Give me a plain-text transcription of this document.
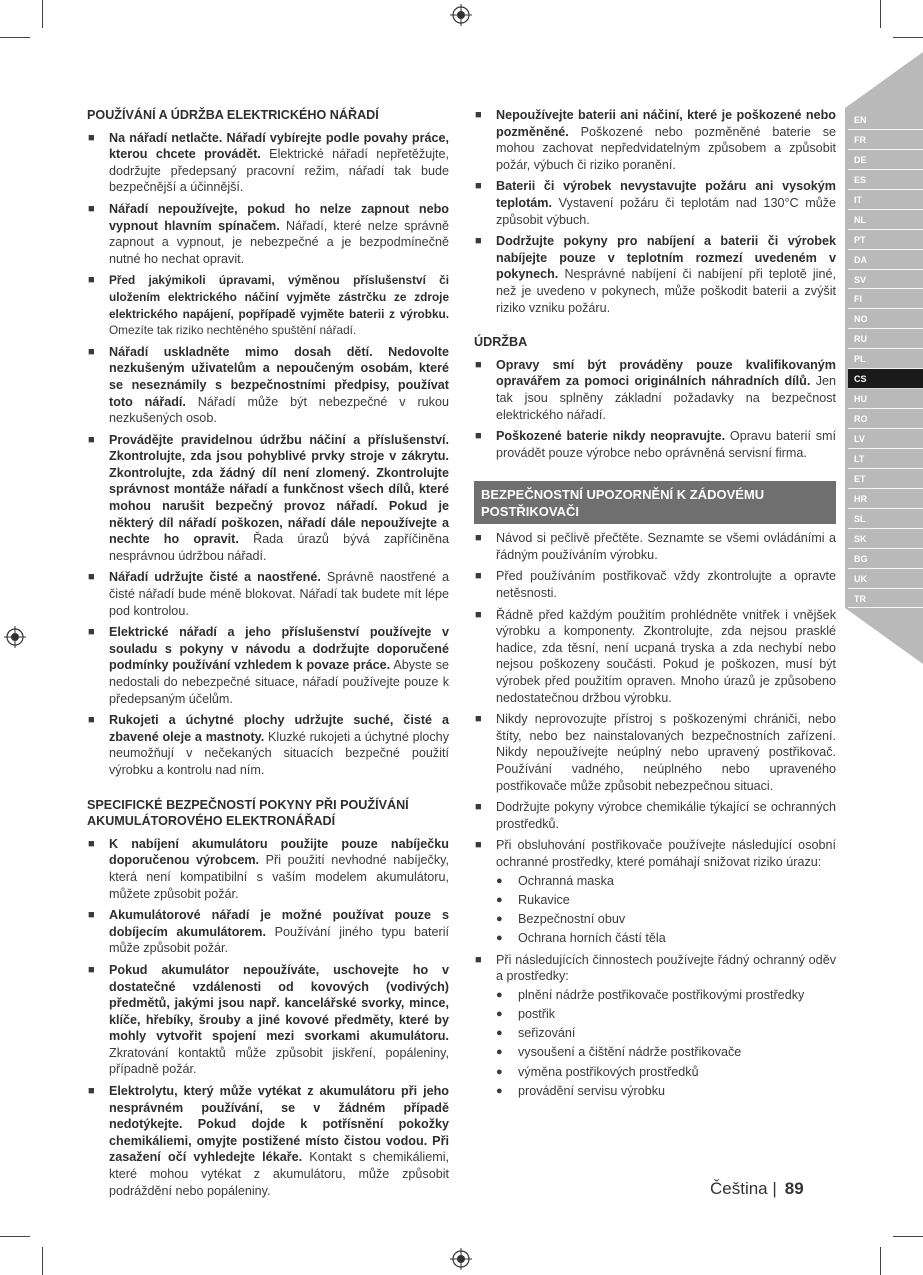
EN
FR
DE
ES
IT
NL
PT
DA
SV
FI
NO
RU
PL
CS
HU
RO
LV
LT
ET
HR
SL
SK
BG
UK
TR
POUŽÍVÁNÍ A ÚDRŽBA ELEKTRICKÉHO NÁŘADÍ
■ Na nářadí netlačte. Nářadí vybírejte podle povahy práce, kterou chcete provádět. Elektrické nářadí nepřetěžujte, dodržujte předepsaný pracovní režim, nářadí tak bude bezpečnější a účinnější.
■ Nářadí nepoužívejte, pokud ho nelze zapnout nebo vypnout hlavním spínačem. Nářadí, které nelze správně zapnout a vypnout, je nebezpečné a je bezpodmínečně nutné ho nechat opravit.
■ Před jakýmikoli úpravami, výměnou příslušenství či uložením elektrického náčiní vyjměte zástrčku ze zdroje elektrického napájení, popřípadě vyjměte baterii z výrobku. Omezíte tak riziko nechtěného spuštění nářadí.
■ Nářadí uskladněte mimo dosah dětí. Nedovolte nezkušeným uživatelům a nepoučeným osobám, které se neseznámily s bezpečnostními předpisy, používat toto nářadí. Nářadí může být nebezpečné v rukou nezkušených osob.
■ Provádějte pravidelnou údržbu náčiní a příslušenství. Zkontrolujte, zda jsou pohyblivé prvky stroje v zákrytu. Zkontrolujte, zda žádný díl není zlomený. Zkontrolujte správnost montáže nářadí a funkčnost všech dílů, které mohou narušit bezpečný provoz nářadí. Pokud je některý díl nářadí poškozen, nářadí dále nepoužívejte a nechte ho opravit. Řada úrazů bývá zapříčiněna nesprávnou údržbou nářadí.
■ Nářadí udržujte čisté a naostřené. Správně naostřené a čisté nářadí bude méně blokovat. Nářadí tak budete mít lépe pod kontrolou.
■ Elektrické nářadí a jeho příslušenství používejte v souladu s pokyny v návodu a dodržujte doporučené podmínky používání vzhledem k povaze práce. Abyste se nedostali do nebezpečné situace, nářadí používejte pouze k předepsaným účelům.
■ Rukojeti a úchytné plochy udržujte suché, čisté a zbavené oleje a mastnoty. Kluzké rukojeti a úchytné plochy neumožňují v nečekaných situacích bezpečné použití výrobku a kontrolu nad ním.
SPECIFICKÉ BEZPEČNOSTÍ POKYNY PŘI POUŽÍVÁNÍ
AKUMULÁTOROVÉHO ELEKTRONÁŘADÍ
■ K nabíjení akumulátoru použijte pouze nabíječku doporučenou výrobcem. Při použití nevhodné nabíječky, která není kompatibilní s vaším modelem akumulátoru, můžete způsobit požár.
■ Akumulátorové nářadí je možné používat pouze s dobíjecím akumulátorem. Používání jiného typu baterií může způsobit požár.
■ Pokud akumulátor nepoužíváte, uschovejte ho v dostatečné vzdálenosti od kovových (vodivých) předmětů, jakými jsou např. kancelářské svorky, mince, klíče, hřebíky, šrouby a jiné kovové předměty, které by mohly vytvořit spojení mezi svorkami akumulátoru. Zkratování kontaktů může způsobit jiskření, popáleniny, případně požár.
■ Elektrolytu, který může vytékat z akumulátoru při jeho nesprávném používání, se v žádném případě nedotýkejte. Pokud dojde k potřísnění pokožky chemikáliemi, omyjte postižené místo čistou vodou. Při zasažení očí vyhledejte lékaře. Kontakt s chemikáliemi, které mohou vytékat z akumulátoru, může způsobit podráždění nebo popáleniny.
■ Nepoužívejte baterii ani náčiní, které je poškozené nebo pozměněné. Poškozené nebo pozměněné baterie se mohou zachovat nepředvidatelným způsobem a způsobit požár, výbuch či riziko poranění.
■ Baterii či výrobek nevystavujte požáru ani vysokým teplotám. Vystavení požáru či teplotám nad 130°C může způsobit výbuch.
■ Dodržujte pokyny pro nabíjení a baterii či výrobek nabíjejte pouze v teplotním rozmezí uvedeném v pokynech. Nesprávné nabíjení či nabíjení při teplotě jiné, než je uvedeno v pokynech, může poškodit baterii a zvýšit riziko vzniku požáru.
ÚDRŽBA
■ Opravy smí být prováděny pouze kvalifikovaným opravářem za pomoci originálních náhradních dílů. Jen tak jsou splněny základní požadavky na bezpečnost elektrického nářadí.
■ Poškozené baterie nikdy neopravujte. Opravu baterií smí provádět pouze výrobce nebo oprávněná servisní firma.
BEZPEČNOSTNÍ UPOZORNĚNÍ K ZÁDOVÉMU
POSTŘIKOVAČI
■ Návod si pečlivě přečtěte. Seznamte se všemi ovládáními a řádným používáním výrobku.
■ Před používáním postřikovač vždy zkontrolujte a opravte netěsnosti.
■ Řádně před každým použitím prohlédněte vnitřek i vnějšek výrobku a komponenty. Zkontrolujte, zda nejsou prasklé hadice, zda těsní, není ucpaná tryska a zda nechybí nebo nejsou poškozeny součásti. Pokud je poškozen, musí být výrobek před použitím opraven. Mnoho úrazů je způsobeno nedostatečnou držbou výrobku.
■ Nikdy neprovozujte přístroj s poškozenými chrániči, nebo štíty, nebo bez nainstalovaných bezpečnostních zařízení. Nikdy nepoužívejte neúplný nebo upravený postřikovač. Používání vadného, neúplného nebo upraveného postřikovače může způsobit nebezpečnou situaci.
■ Dodržujte pokyny výrobce chemikálie týkající se ochranných prostředků.
■ Při obsluhování postřikovače používejte následující osobní ochranné prostředky, které pomáhají snižovat riziko úrazu:
● Ochranná maska
● Rukavice
● Bezpečnostní obuv
● Ochrana horních částí těla
■ Při následujících činnostech používejte řádný ochranný oděv a prostředky:
● plnění nádrže postřikovače postřikovými prostředky
● postřik
● seřizování
● vysoušení a čištění nádrže postřikovače
● výměna postřikových prostředků
● provádění servisu výrobku
Čeština | 89
